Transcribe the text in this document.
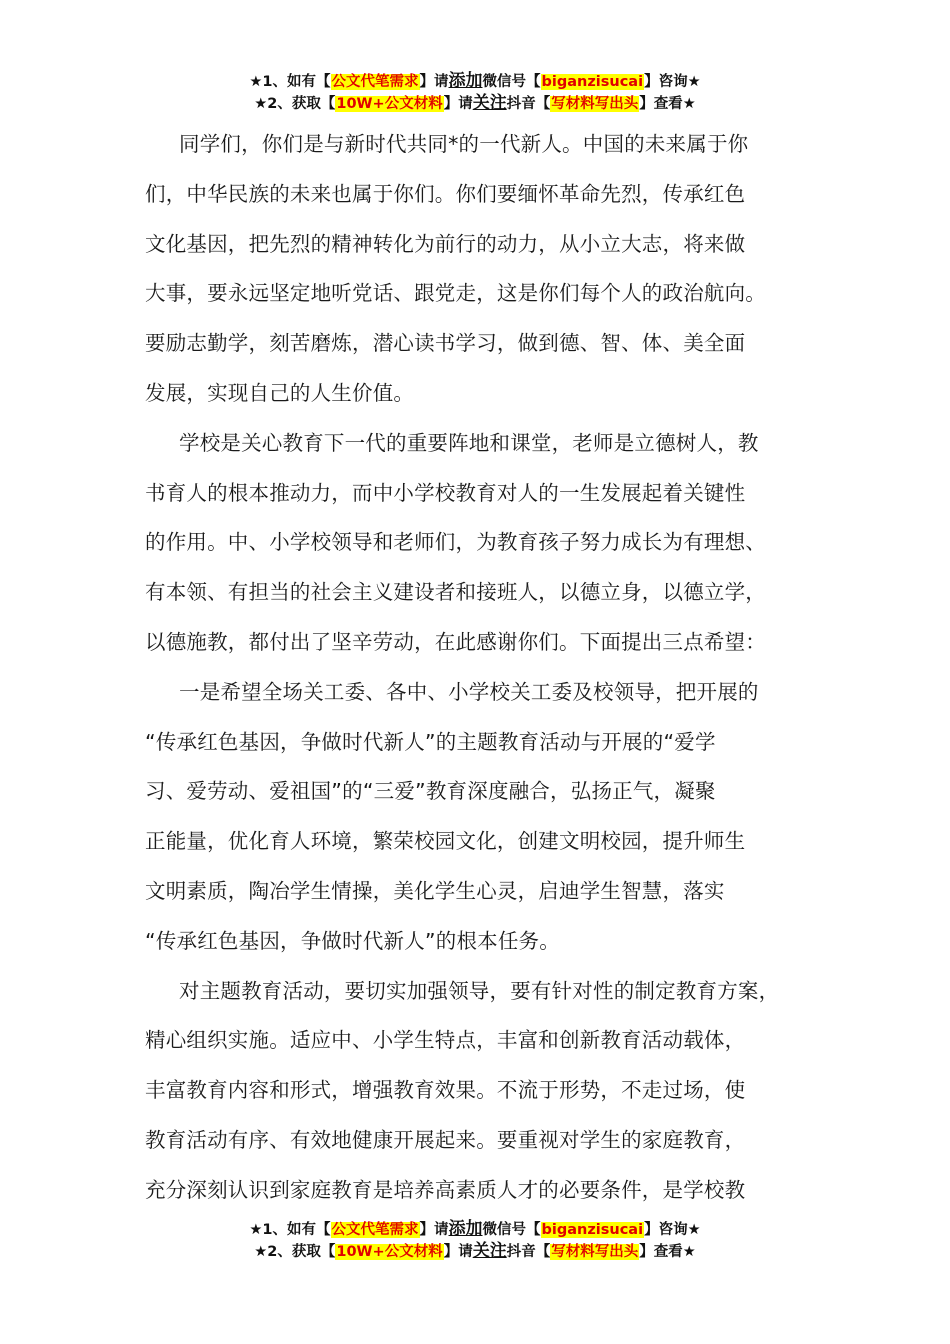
★1、如有【公文代笔需求】请添加微信号【biganzisucai】咨询★
★2、获取【10W+公文材料】请关注抖音【写材料写出头】查看★

同学们，你们是与新时代共同*的一代新人。中国的未来属于你

们，中华民族的未来也属于你们。你们要缅怀革命先烈，传承红色

文化基因，把先烈的精神转化为前行的动力，从小立大志，将来做

大事，要永远坚定地听党话、跟党走，这是你们每个人的政治航向。

要励志勤学，刻苦磨炼，潜心读书学习，做到德、智、体、美全面

发展，实现自己的人生价值。

学校是关心教育下一代的重要阵地和课堂，老师是立德树人，教

书育人的根本推动力，而中小学校教育对人的一生发展起着关键性

的作用。中、小学校领导和老师们，为教育孩子努力成长为有理想、

有本领、有担当的社会主义建设者和接班人，以德立身，以德立学，

以德施教，都付出了坚辛劳动，在此感谢你们。下面提出三点希望：

一是希望全场关工委、各中、小学校关工委及校领导，把开展的

“传承红色基因，争做时代新人”的主题教育活动与开展的“爱学

习、爱劳动、爱祖国”的“三爱”教育深度融合，弘扬正气，凝聚

正能量，优化育人环境，繁荣校园文化，创建文明校园，提升师生

文明素质，陶冶学生情操，美化学生心灵，启迪学生智慧，落实

“传承红色基因，争做时代新人”的根本任务。

对主题教育活动，要切实加强领导，要有针对性的制定教育方案，

精心组织实施。适应中、小学生特点，丰富和创新教育活动载体，

丰富教育内容和形式，增强教育效果。不流于形势，不走过场，使

教育活动有序、有效地健康开展起来。要重视对学生的家庭教育，

充分深刻认识到家庭教育是培养高素质人才的必要条件，是学校教

★1、如有【公文代笔需求】请添加微信号【biganzisucai】咨询★
★2、获取【10W+公文材料】请关注抖音【写材料写出头】查看★
